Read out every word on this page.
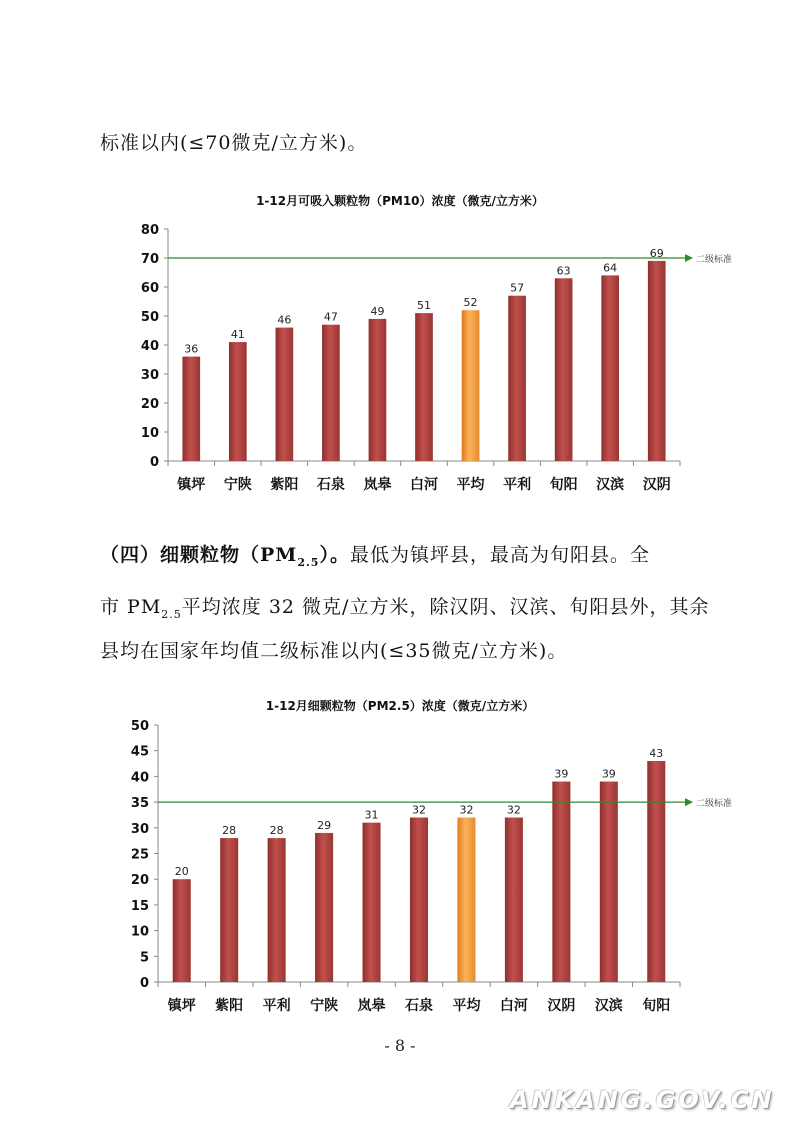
标准以内(≤70微克/立方米)。

1-12月可吸入颗粒物（PM10）浓度（微克/立方米）
0
10
20
30
40
50
60
70
80
36
镇坪
41
宁陕
46
紫阳
47
石泉
49
岚皋
51
白河
52
平均
57
平利
63
旬阳
64
汉滨
69
汉阴
二级标准

（四）细颗粒物$(PM_{2.5})$。最低为镇坪县，最高为旬阳县。全

市 $PM_{2.5}$平均浓度 32 微克/立方米，除汉阴、汉滨、旬阳县外，其余

县均在国家年均值二级标准以内(≤35微克/立方米)。

1-12月细颗粒物（PM2.5）浓度（微克/立方米）
0
5
10
15
20
25
30
35
40
45
50
20
镇坪
28
紫阳
28
平利
29
宁陕
31
岚皋
32
石泉
32
平均
32
白河
39
汉阴
39
汉滨
43
旬阳
二级标准
- 8 -
ANKANG.GOV.CN
